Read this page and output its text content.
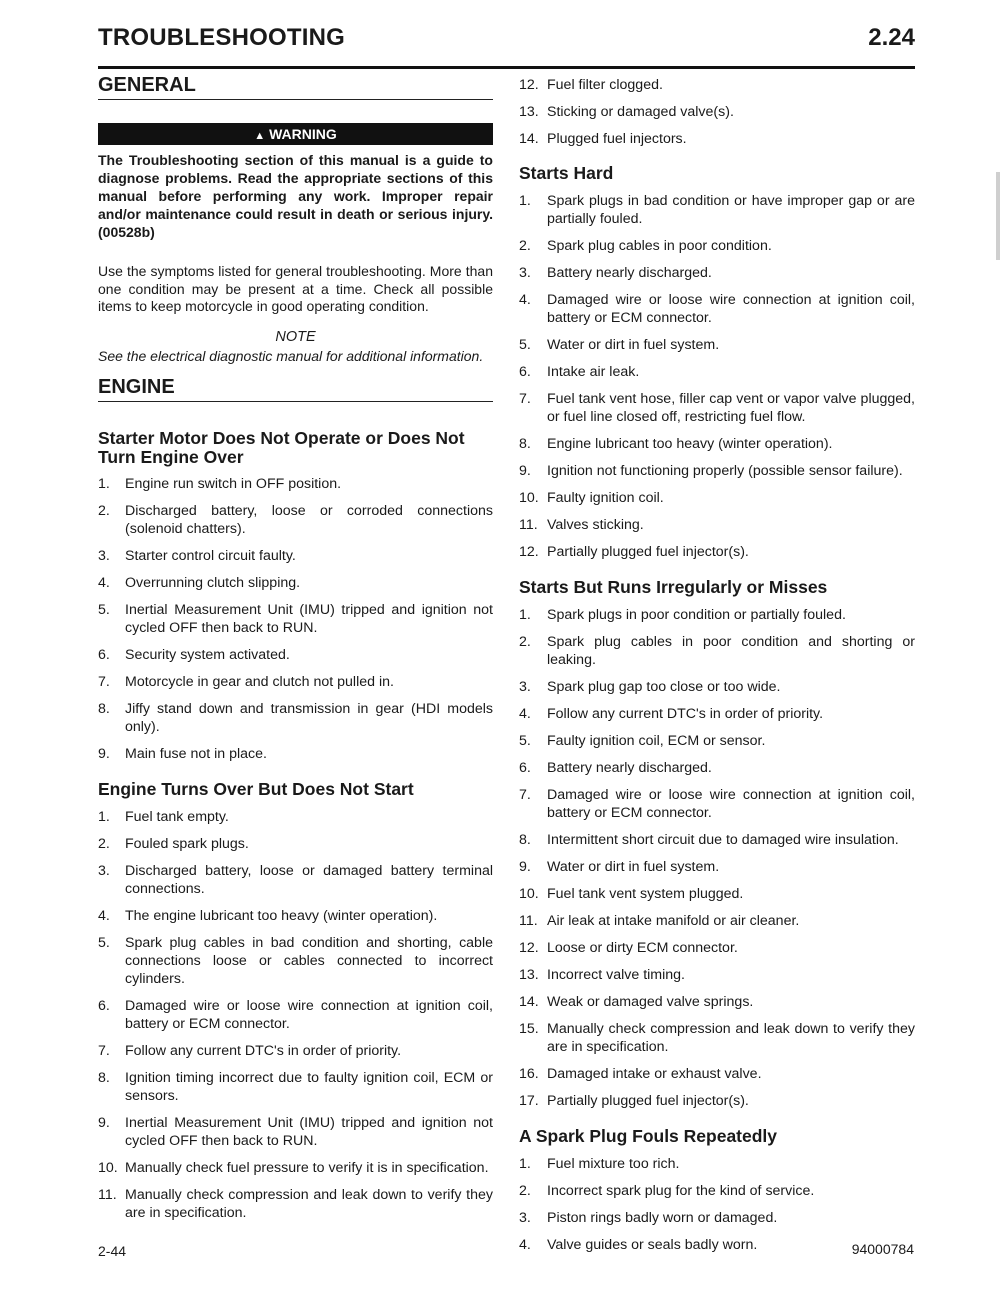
TROUBLESHOOTING	2.24
GENERAL
▲ WARNING

The Troubleshooting section of this manual is a guide to diagnose problems. Read the appropriate sections of this manual before performing any work. Improper repair and/or maintenance could result in death or serious injury. (00528b)

Use the symptoms listed for general troubleshooting. More than one condition may be present at a time. Check all possible items to keep motorcycle in good operating condition.

NOTE
See the electrical diagnostic manual for additional information.
ENGINE
Starter Motor Does Not Operate or Does Not Turn Engine Over
1. Engine run switch in OFF position.
2. Discharged battery, loose or corroded connections (solenoid chatters).
3. Starter control circuit faulty.
4. Overrunning clutch slipping.
5. Inertial Measurement Unit (IMU) tripped and ignition not cycled OFF then back to RUN.
6. Security system activated.
7. Motorcycle in gear and clutch not pulled in.
8. Jiffy stand down and transmission in gear (HDI models only).
9. Main fuse not in place.
Engine Turns Over But Does Not Start
1. Fuel tank empty.
2. Fouled spark plugs.
3. Discharged battery, loose or damaged battery terminal connections.
4. The engine lubricant too heavy (winter operation).
5. Spark plug cables in bad condition and shorting, cable connections loose or cables connected to incorrect cylinders.
6. Damaged wire or loose wire connection at ignition coil, battery or ECM connector.
7. Follow any current DTC's in order of priority.
8. Ignition timing incorrect due to faulty ignition coil, ECM or sensors.
9. Inertial Measurement Unit (IMU) tripped and ignition not cycled OFF then back to RUN.
10. Manually check fuel pressure to verify it is in specification.
11. Manually check compression and leak down to verify they are in specification.
12. Fuel filter clogged.
13. Sticking or damaged valve(s).
14. Plugged fuel injectors.
Starts Hard
1. Spark plugs in bad condition or have improper gap or are partially fouled.
2. Spark plug cables in poor condition.
3. Battery nearly discharged.
4. Damaged wire or loose wire connection at ignition coil, battery or ECM connector.
5. Water or dirt in fuel system.
6. Intake air leak.
7. Fuel tank vent hose, filler cap vent or vapor valve plugged, or fuel line closed off, restricting fuel flow.
8. Engine lubricant too heavy (winter operation).
9. Ignition not functioning properly (possible sensor failure).
10. Faulty ignition coil.
11. Valves sticking.
12. Partially plugged fuel injector(s).
Starts But Runs Irregularly or Misses
1. Spark plugs in poor condition or partially fouled.
2. Spark plug cables in poor condition and shorting or leaking.
3. Spark plug gap too close or too wide.
4. Follow any current DTC's in order of priority.
5. Faulty ignition coil, ECM or sensor.
6. Battery nearly discharged.
7. Damaged wire or loose wire connection at ignition coil, battery or ECM connector.
8. Intermittent short circuit due to damaged wire insulation.
9. Water or dirt in fuel system.
10. Fuel tank vent system plugged.
11. Air leak at intake manifold or air cleaner.
12. Loose or dirty ECM connector.
13. Incorrect valve timing.
14. Weak or damaged valve springs.
15. Manually check compression and leak down to verify they are in specification.
16. Damaged intake or exhaust valve.
17. Partially plugged fuel injector(s).
A Spark Plug Fouls Repeatedly
1. Fuel mixture too rich.
2. Incorrect spark plug for the kind of service.
3. Piston rings badly worn or damaged.
4. Valve guides or seals badly worn.
2-44	94000784
